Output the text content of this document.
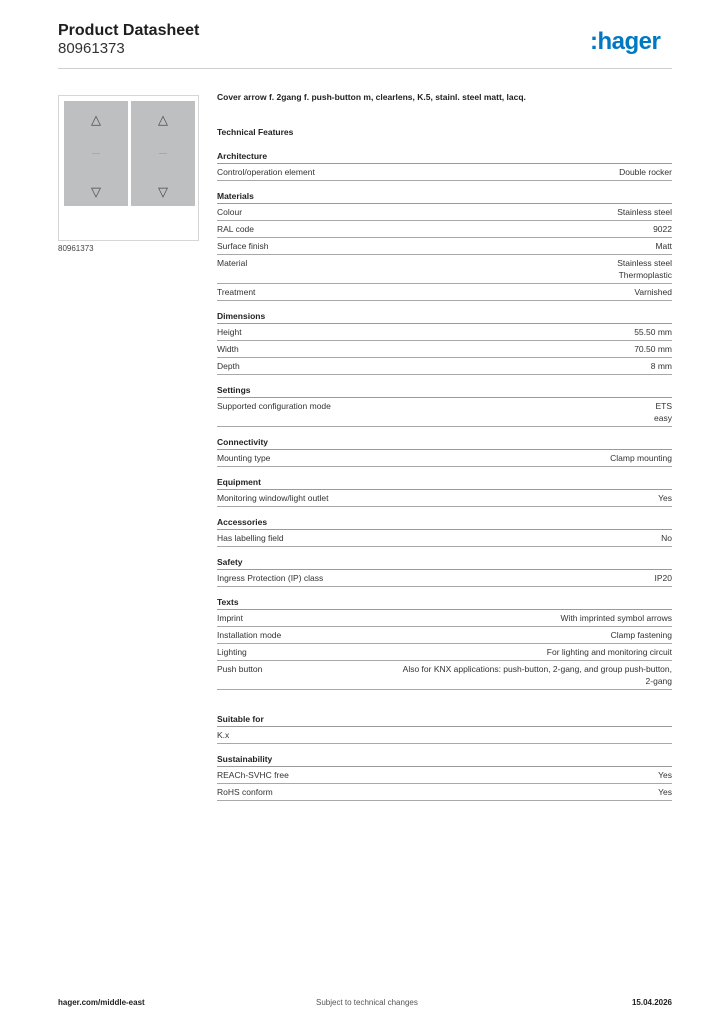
Product Datasheet
80961373	:hager
△
▽
△
▽
80961373
Cover arrow f. 2gang f. push-button m, clearlens, K.5, stainl. steel matt, lacq.
Technical Features
Architecture
Control/operation element	Double rocker
Materials
Colour	Stainless steel
RAL code	9022
Surface finish	Matt
Material	Stainless steel
Thermoplastic
Treatment	Varnished
Dimensions
Height	55.50 mm
Width	70.50 mm
Depth	8 mm
Settings
Supported configuration mode	ETS
easy
Connectivity
Mounting type	Clamp mounting
Equipment
Monitoring window/light outlet	Yes
Accessories
Has labelling field	No
Safety
Ingress Protection (IP) class	IP20
Texts
Imprint	With imprinted symbol arrows
Installation mode	Clamp fastening
Lighting	For lighting and monitoring circuit
Push button	Also for KNX applications: push-button, 2-gang, and group push-button,
2-gang
Suitable for
K.x
Sustainability
REACh-SVHC free	Yes
RoHS conform	Yes
hager.com/middle-east	Subject to technical changes	15.04.2026
